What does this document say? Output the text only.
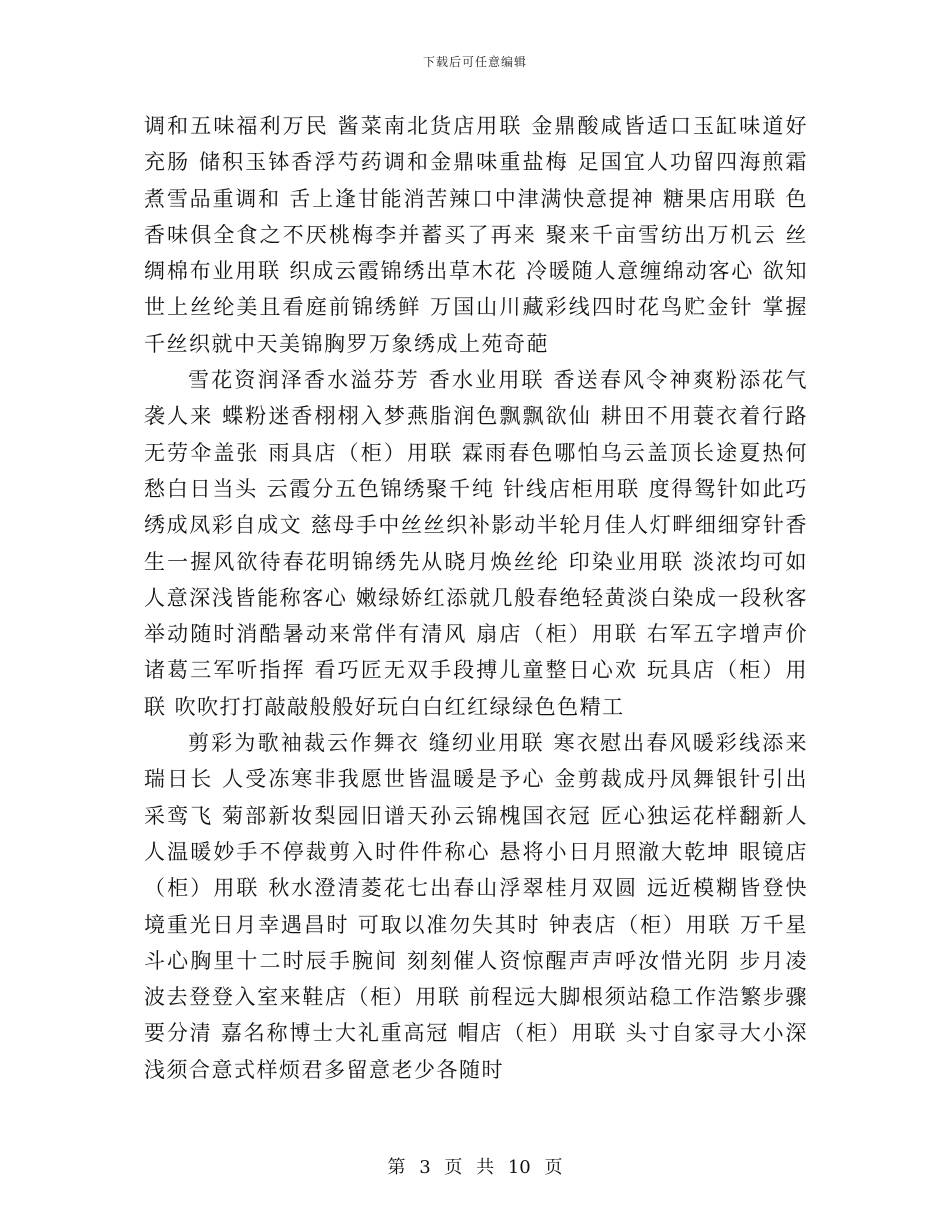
下载后可任意编辑

调和五味福利万民 酱菜南北货店用联 金鼎酸咸皆适口玉缸味道好充肠 储积玉钵香浮芍药调和金鼎味重盐梅 足国宜人功留四海煎霜煮雪品重调和 舌上逢甘能消苦辣口中津满快意提神 糖果店用联 色香味俱全食之不厌桃梅李并蓄买了再来 聚来千亩雪纺出万机云 丝绸棉布业用联 织成云霞锦绣出草木花 冷暖随人意缠绵动客心 欲知世上丝纶美且看庭前锦绣鲜 万国山川藏彩线四时花鸟贮金针 掌握千丝织就中天美锦胸罗万象绣成上苑奇葩

雪花资润泽香水溢芬芳 香水业用联 香送春风令神爽粉添花气袭人来 蝶粉迷香栩栩入梦燕脂润色飘飘欲仙 耕田不用蓑衣着行路无劳伞盖张 雨具店（柜）用联 霖雨春色哪怕乌云盖顶长途夏热何愁白日当头 云霞分五色锦绣聚千纯 针线店柜用联 度得鸳针如此巧绣成凤彩自成文 慈母手中丝丝织补影动半轮月佳人灯畔细细穿针香生一握风欲待春花明锦绣先从晓月焕丝纶 印染业用联 淡浓均可如人意深浅皆能称客心 嫩绿娇红添就几般春绝轻黄淡白染成一段秋客 举动随时消酷暑动来常伴有清风 扇店（柜）用联 右军五字增声价诸葛三军听指挥 看巧匠无双手段搏儿童整日心欢 玩具店（柜）用联 吹吹打打敲敲般般好玩白白红红绿绿色色精工

剪彩为歌袖裁云作舞衣 缝纫业用联 寒衣慰出春风暖彩线添来瑞日长 人受冻寒非我愿世皆温暖是予心 金剪裁成丹凤舞银针引出采鸾飞 菊部新妆梨园旧谱天孙云锦槐国衣冠 匠心独运花样翻新人人温暖妙手不停裁剪入时件件称心 悬将小日月照澈大乾坤 眼镜店（柜）用联 秋水澄清菱花七出春山浮翠桂月双圆 远近模糊皆登快境重光日月幸遇昌时 可取以准勿失其时 钟表店（柜）用联 万千星斗心胸里十二时辰手腕间 刻刻催人资惊醒声声呼汝惜光阴 步月凌波去登登入室来鞋店（柜）用联 前程远大脚根须站稳工作浩繁步骤要分清 嘉名称博士大礼重高冠 帽店（柜）用联 头寸自家寻大小深浅须合意式样烦君多留意老少各随时

第 3 页 共 10 页
